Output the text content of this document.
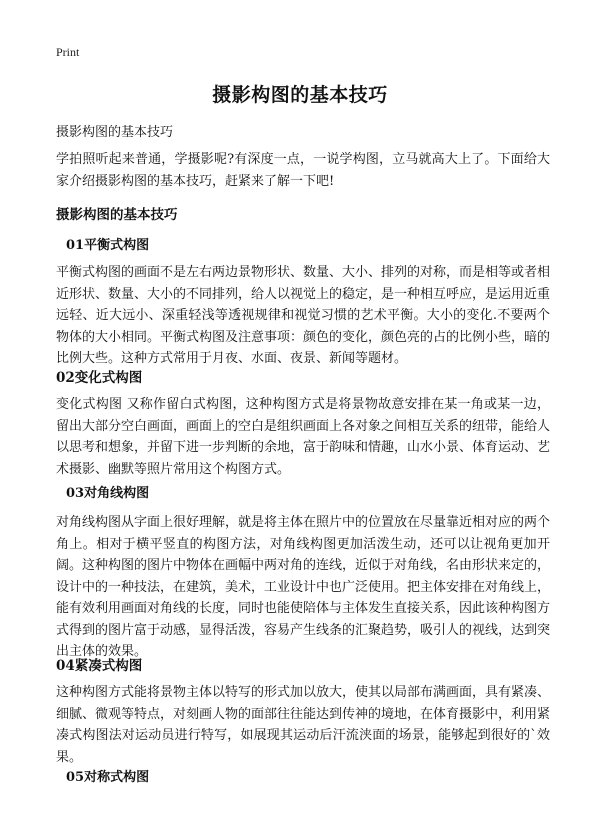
Print
摄影构图的基本技巧
摄影构图的基本技巧
学拍照听起来普通，学摄影呢?有深度一点，一说学构图，立马就高大上了。下面给大家介绍摄影构图的基本技巧，赶紧来了解一下吧!
摄影构图的基本技巧
01平衡式构图
平衡式构图的画面不是左右两边景物形状、数量、大小、排列的对称，而是相等或者相近形状、数量、大小的不同排列，给人以视觉上的稳定，是一种相互呼应，是运用近重远轻、近大远小、深重轻浅等透视规律和视觉习惯的艺术平衡。大小的变化.不要两个物体的大小相同。平衡式构图及注意事项：颜色的变化，颜色亮的占的比例小些，暗的比例大些。这种方式常用于月夜、水面、夜景、新闻等题材。
02变化式构图
变化式构图 又称作留白式构图，这种构图方式是将景物故意安排在某一角或某一边，留出大部分空白画面，画面上的空白是组织画面上各对象之间相互关系的纽带，能给人以思考和想象，并留下进一步判断的余地，富于韵味和情趣，山水小景、体育运动、艺术摄影、幽默等照片常用这个构图方式。
03对角线构图
对角线构图从字面上很好理解，就是将主体在照片中的位置放在尽量靠近相对应的两个角上。相对于横平竖直的构图方法，对角线构图更加活泼生动，还可以让视角更加开阔。这种构图的图片中物体在画幅中两对角的连线，近似于对角线，名由形状来定的，设计中的一种技法，在建筑，美术，工业设计中也广泛使用。把主体安排在对角线上，能有效利用画面对角线的长度，同时也能使陪体与主体发生直接关系，因此该种构图方式得到的图片富于动感，显得活泼，容易产生线条的汇聚趋势，吸引人的视线，达到突出主体的效果。
04紧凑式构图
这种构图方式能将景物主体以特写的形式加以放大，使其以局部布满画面，具有紧凑、细腻、微观等特点，对刻画人物的面部往往能达到传神的境地，在体育摄影中，利用紧凑式构图法对运动员进行特写，如展现其运动后汗流浃面的场景，能够起到很好的`效果。
05对称式构图
